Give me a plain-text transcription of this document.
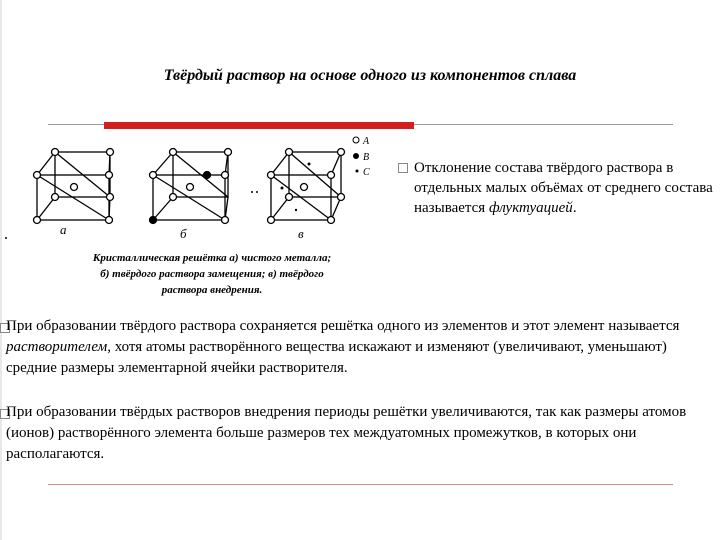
Твёрдый раствор на основе одного из компонентов сплава
А
В
С
а	б	в
Отклонение состава твёрдого раствора в отдельных малых объёмах от среднего состава называется флуктуацией.
Кристаллическая решётка а) чистого металла;
б) твёрдого раствора замещения; в) твёрдого
раствора внедрения.
При образовании твёрдого раствора сохраняется решётка одного из элементов и этот элемент называется растворителем, хотя атомы растворённого вещества искажают и изменяют (увеличивают, уменьшают) средние размеры элементарной ячейки растворителя.
При образовании твёрдых растворов внедрения периоды решётки увеличиваются, так как размеры атомов (ионов) растворённого элемента больше размеров тех междуатомных промежутков, в которых они располагаются.
